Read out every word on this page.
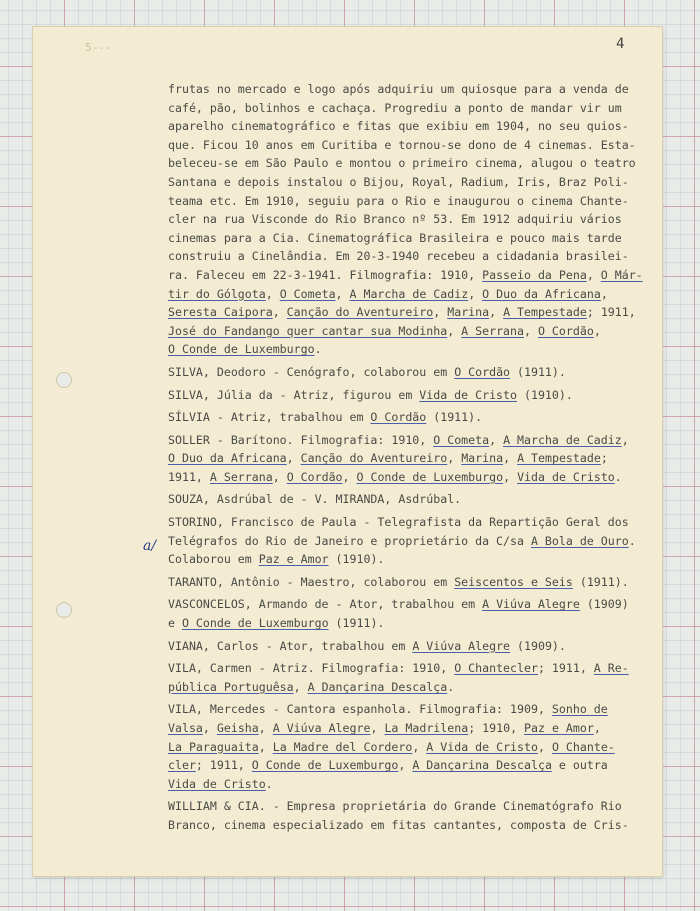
5---	4
a/
frutas no mercado e logo após adquiriu um quiosque para a venda de
café, pão, bolinhos e cachaça. Progrediu a ponto de mandar vir um
aparelho cinematográfico e fitas que exibiu em 1904, no seu quios-
que. Ficou 10 anos em Curitiba e tornou-se dono de 4 cinemas. Esta-
beleceu-se em São Paulo e montou o primeiro cinema, alugou o teatro
Santana e depois instalou o Bijou, Royal, Radium, Iris, Braz Poli-
teama etc. Em 1910, seguiu para o Rio e inaugurou o cinema Chante-
cler na rua Visconde do Rio Branco nº 53. Em 1912 adquiriu vários
cinemas para a Cia. Cinematográfica Brasileira e pouco mais tarde
construiu a Cinelândia. Em 20-3-1940 recebeu a cidadania brasilei-
ra. Faleceu em 22-3-1941. Filmografia: 1910, Passeio da Pena, O Már-
tir do Gólgota, O Cometa, A Marcha de Cadiz, O Duo da Africana,
Seresta Caipora, Canção do Aventureiro, Marina, A Tempestade; 1911,
José do Fandango quer cantar sua Modinha, A Serrana, O Cordão,
O Conde de Luxemburgo.
SILVA, Deodoro - Cenógrafo, colaborou em O Cordão (1911).
SILVA, Júlia da - Atriz, figurou em Vida de Cristo (1910).
SÍLVIA - Atriz, trabalhou em O Cordão (1911).
SOLLER - Barítono. Filmografia: 1910, O Cometa, A Marcha de Cadiz,
O Duo da Africana, Canção do Aventureiro, Marina, A Tempestade;
1911, A Serrana, O Cordão, O Conde de Luxemburgo, Vida de Cristo.
SOUZA, Asdrúbal de - V. MIRANDA, Asdrúbal.
STORINO, Francisco de Paula - Telegrafista da Repartição Geral dos
Telégrafos do Rio de Janeiro e proprietário da C/sa A Bola de Ouro.
Colaborou em Paz e Amor (1910).
TARANTO, Antônio - Maestro, colaborou em Seiscentos e Seis (1911).
VASCONCELOS, Armando de - Ator, trabalhou em A Viúva Alegre (1909)
e O Conde de Luxemburgo (1911).
VIANA, Carlos - Ator, trabalhou em A Viúva Alegre (1909).
VILA, Carmen - Atriz. Filmografia: 1910, O Chantecler; 1911, A Re-
pública Portuguêsa, A Dançarina Descalça.
VILA, Mercedes - Cantora espanhola. Filmografia: 1909, Sonho de
Valsa, Geisha, A Viúva Alegre, La Madrilena; 1910, Paz e Amor,
La Paraguaita, La Madre del Cordero, A Vida de Cristo, O Chante-
cler; 1911, O Conde de Luxemburgo, A Dançarina Descalça e outra
Vida de Cristo.
WILLIAM & CIA. - Empresa proprietária do Grande Cinematógrafo Rio
Branco, cinema especializado em fitas cantantes, composta de Cris-
